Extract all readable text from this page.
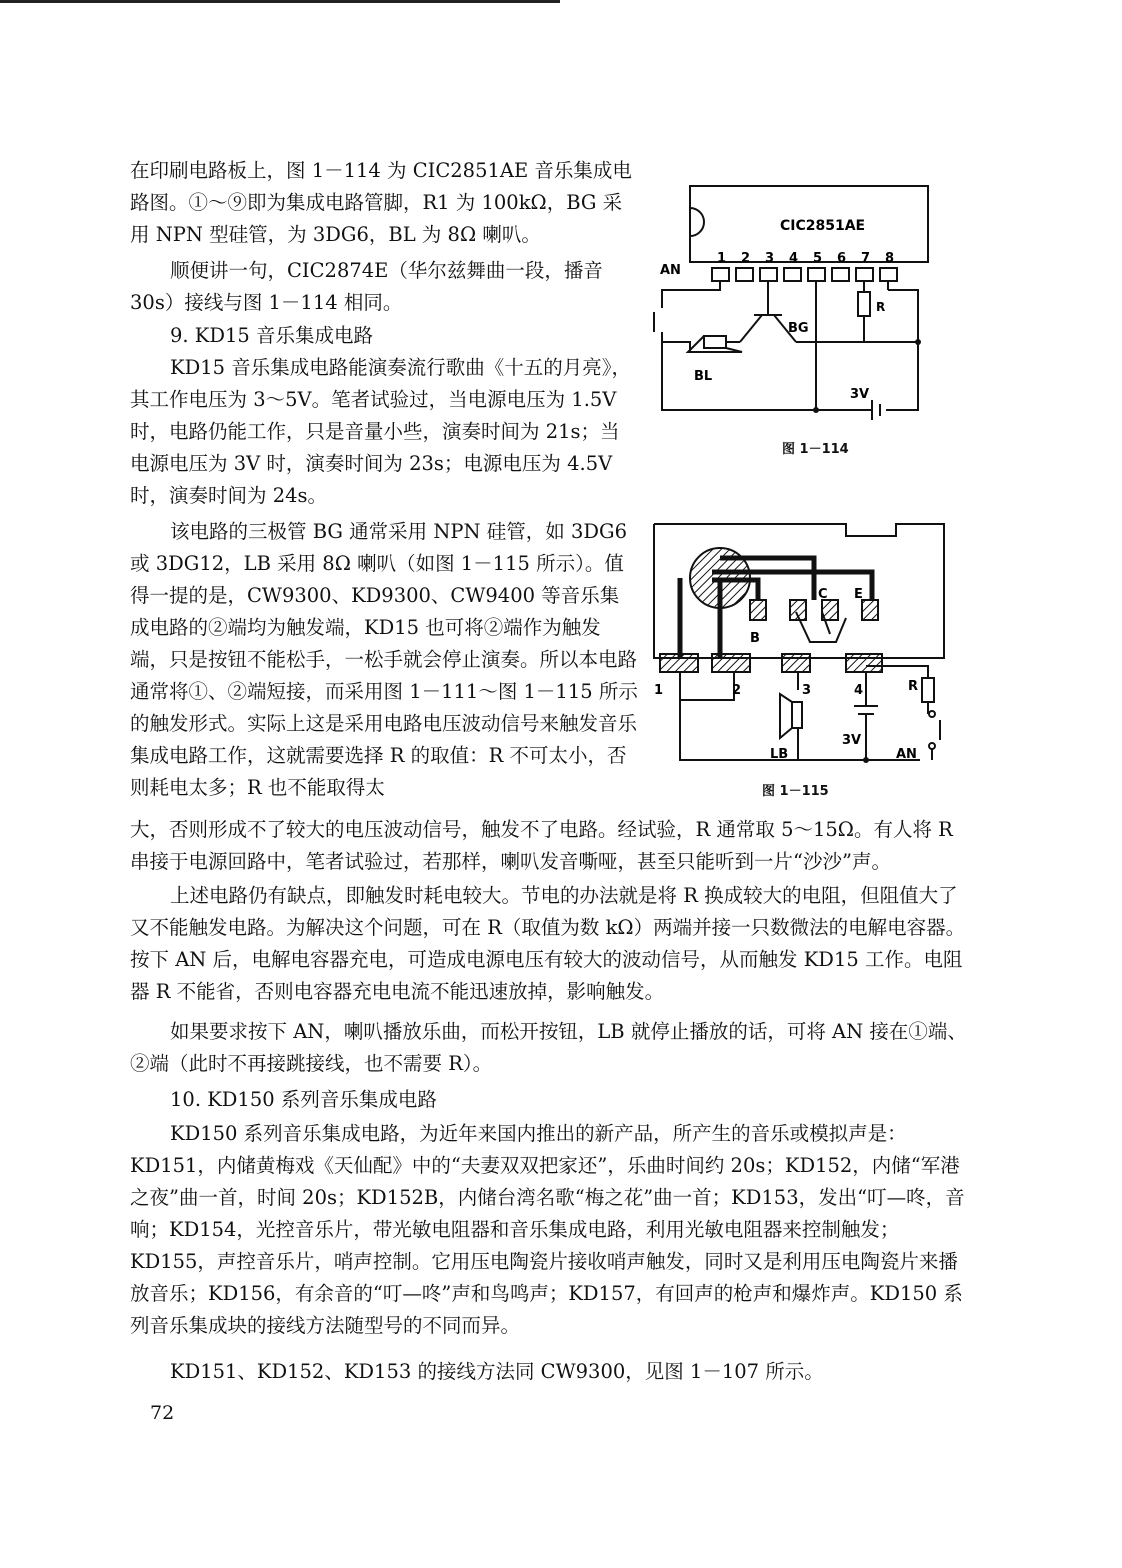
在印刷电路板上，图 1－114 为 CIC2851AE 音乐集成电路图。①～⑨即为集成电路管脚，R1 为 100kΩ，BG 采用 NPN 型硅管，为 3DG6，BL 为 8Ω 喇叭。

顺便讲一句，CIC2874E（华尔兹舞曲一段，播音 30s）接线与图 1－114 相同。

9. KD15 音乐集成电路

KD15 音乐集成电路能演奏流行歌曲《十五的月亮》，其工作电压为 3～5V。笔者试验过，当电源电压为 1.5V 时，电路仍能工作，只是音量小些，演奏时间为 21s；当电源电压为 3V 时，演奏时间为 23s；电源电压为 4.5V 时，演奏时间为 24s。

该电路的三极管 BG 通常采用 NPN 硅管，如 3DG6 或 3DG12，LB 采用 8Ω 喇叭（如图 1－115 所示）。值得一提的是，CW9300、KD9300、CW9400 等音乐集成电路的②端均为触发端，KD15 也可将②端作为触发端，只是按钮不能松手，一松手就会停止演奏。所以本电路通常将①、②端短接，而采用图 1－111～图 1－115 所示的触发形式。实际上这是采用电路电压波动信号来触发音乐集成电路工作，这就需要选择 R 的取值：R 不可太小，否则耗电太多；R 也不能取得太

大，否则形成不了较大的电压波动信号，触发不了电路。经试验，R 通常取 5～15Ω。有人将 R 串接于电源回路中，笔者试验过，若那样，喇叭发音嘶哑，甚至只能听到一片“沙沙”声。

上述电路仍有缺点，即触发时耗电较大。节电的办法就是将 R 换成较大的电阻，但阻值大了又不能触发电路。为解决这个问题，可在 R（取值为数 kΩ）两端并接一只数微法的电解电容器。按下 AN 后，电解电容器充电，可造成电源电压有较大的波动信号，从而触发 KD15 工作。电阻器 R 不能省，否则电容器充电电流不能迅速放掉，影响触发。

如果要求按下 AN，喇叭播放乐曲，而松开按钮，LB 就停止播放的话，可将 AN 接在①端、②端（此时不再接跳接线，也不需要 R）。

10. KD150 系列音乐集成电路

KD150 系列音乐集成电路，为近年来国内推出的新产品，所产生的音乐或模拟声是：KD151，内储黄梅戏《天仙配》中的“夫妻双双把家还”，乐曲时间约 20s；KD152，内储“军港之夜”曲一首，时间 20s；KD152B，内储台湾名歌“梅之花”曲一首；KD153，发出“叮—咚，音响；KD154，光控音乐片，带光敏电阻器和音乐集成电路，利用光敏电阻器来控制触发；KD155，声控音乐片，哨声控制。它用压电陶瓷片接收哨声触发，同时又是利用压电陶瓷片来播放音乐；KD156，有余音的“叮—咚”声和鸟鸣声；KD157，有回声的枪声和爆炸声。KD150 系列音乐集成块的接线方法随型号的不同而异。

KD151、KD152、KD153 的接线方法同 CW9300，见图 1－107 所示。

72
CIC2851AE
1 2 3 4 5 6 7 8
AN
BG
BL
R
3V
图 1－114
1	2	3	4
B
C E
R
3V
LB	AN
图 1－115
